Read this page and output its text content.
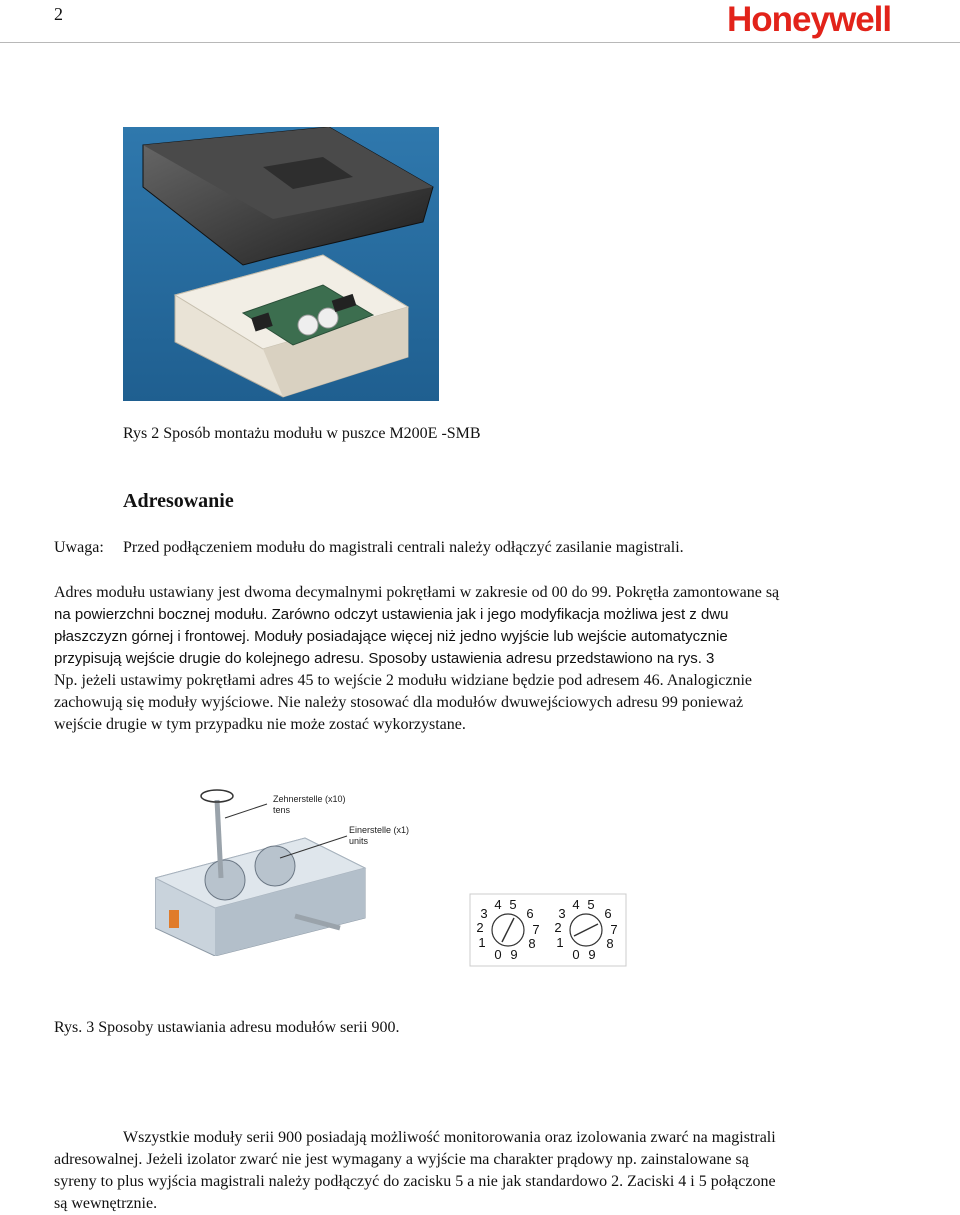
2	Honeywell
Rys 2 Sposób montażu modułu w puszce M200E -SMB
Adresowanie
Uwaga: Przed podłączeniem modułu do magistrali centrali należy odłączyć zasilanie magistrali.

Adres modułu ustawiany jest dwoma decymalnymi pokrętłami w zakresie od 00 do 99. Pokrętła zamontowane są

na powierzchni bocznej modułu. Zarówno odczyt ustawienia jak i jego modyfikacja możliwa jest z dwu

płaszczyzn górnej i frontowej. Moduły posiadające więcej niż jedno wyjście lub wejście automatycznie

przypisują wejście drugie do kolejnego adresu. Sposoby ustawienia adresu przedstawiono na rys. 3

Np. jeżeli ustawimy pokrętłami adres 45 to wejście 2 modułu widziane będzie pod adresem 46. Analogicznie

zachowują się moduły wyjściowe. Nie należy stosować dla modułów dwuwejściowych adresu 99 ponieważ

wejście drugie w tym przypadku nie może zostać wykorzystane.

Zehnerstelle (x10)
tens
Einerstelle (x1)
units
0
1
2
3
4 5
6
7
8
9	0
1
2
3
4 5
6
7
8
9
Rys. 3 Sposoby ustawiania adresu modułów serii 900.

Wszystkie moduły serii 900 posiadają możliwość monitorowania oraz izolowania zwarć na magistrali

adresowalnej. Jeżeli izolator zwarć nie jest wymagany a wyjście ma charakter prądowy np. zainstalowane są

syreny to plus wyjścia magistrali należy podłączyć do zacisku 5 a nie jak standardowo 2. Zaciski 4 i 5 połączone

są wewnętrznie.
